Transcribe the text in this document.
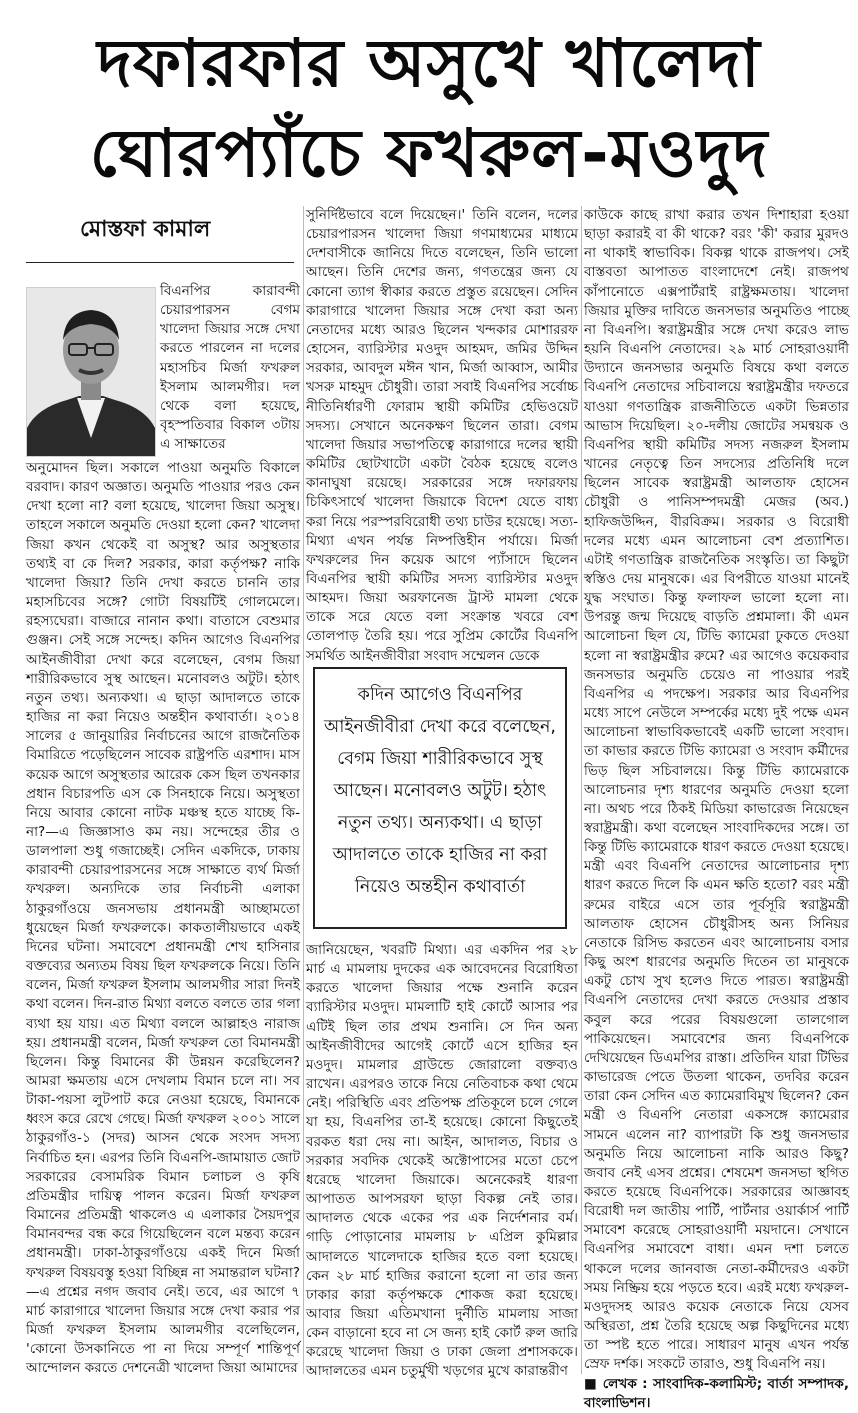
দফারফার অসুখে খালেদা
ঘোরপ্যাঁচে ফখরুল-মওদুদ
মোস্তফা কামাল

বিএনপির কারাবন্দী চেয়ারপারসন বেগম খালেদা জিয়ার সঙ্গে দেখা করতে পারলেন না দলের মহাসচিব মির্জা ফখরুল ইসলাম আলমগীর। দল থেকে বলা হয়েছে, বৃহস্পতিবার বিকাল ৩টায় এ সাক্ষাতের

অনুমোদন ছিল। সকালে পাওয়া অনুমতি বিকালে বরবাদ। কারণ অজ্ঞাত। অনুমতি পাওয়ার পরও কেন দেখা হলো না? বলা হয়েছে, খালেদা জিয়া অসুস্থ। তাহলে সকালে অনুমতি দেওয়া হলো কেন? খালেদা জিয়া কখন থেকেই বা অসুস্থ? আর অসুস্থতার তথ্যই বা কে দিল? সরকার, কারা কর্তৃপক্ষ? নাকি খালেদা জিয়া? তিনি দেখা করতে চাননি তার মহাসচিবের সঙ্গে? গোটা বিষয়টিই গোলমেলে। রহস্যঘেরা। বাজারে নানান কথা। বাতাসে বেশুমার গুঞ্জন। সেই সঙ্গে সন্দেহ। কদিন আগেও বিএনপির আইনজীবীরা দেখা করে বলেছেন, বেগম জিয়া শারীরিকভাবে সুস্থ আছেন। মনোবলও অটুট। হঠাৎ নতুন তথ্য। অন্যকথা। এ ছাড়া আদালতে তাকে হাজির না করা নিয়েও অন্তহীন কথাবার্তা। ২০১৪ সালের ৫ জানুয়ারির নির্বাচনের আগে রাজনৈতিক বিমারিতে পড়েছিলেন সাবেক রাষ্ট্রপতি এরশাদ। মাস কয়েক আগে অসুস্থতার আরেক কেস ছিল তখনকার প্রধান বিচারপতি এস কে সিনহাকে নিয়ে। অসুস্থতা নিয়ে আবার কোনো নাটক মঞ্চস্থ হতে যাচ্ছে কি-না?—এ জিজ্ঞাসাও কম নয়। সন্দেহের তীর ও ডালপালা শুধু গজাচ্ছেই। সেদিন একদিকে, ঢাকায় কারাবন্দী চেয়ারপারসনের সঙ্গে সাক্ষাতে ব্যর্থ মির্জা ফখরুল। অন্যদিকে তার নির্বাচনী এলাকা ঠাকুরগাঁওয়ে জনসভায় প্রধানমন্ত্রী আচ্ছামতো ধুয়েছেন মির্জা ফখরুলকে। কাকতালীয়ভাবে একই দিনের ঘটনা। সমাবেশে প্রধানমন্ত্রী শেখ হাসিনার বক্তব্যের অন্যতম বিষয় ছিল ফখরুলকে নিয়ে। তিনি বলেন, মির্জা ফখরুল ইসলাম আলমগীর সারা দিনই কথা বলেন। দিন-রাত মিথ্যা বলতে বলতে তার গলা ব্যথা হয় যায়। এত মিথ্যা বললে আল্লাহও নারাজ হয়। প্রধানমন্ত্রী বলেন, মির্জা ফখরুল তো বিমানমন্ত্রী ছিলেন। কিন্তু বিমানের কী উন্নয়ন করেছিলেন? আমরা ক্ষমতায় এসে দেখলাম বিমান চলে না। সব টাকা-পয়সা লুটপাট করে নেওয়া হয়েছে, বিমানকে ধ্বংস করে রেখে গেছে। মির্জা ফখরুল ২০০১ সালে ঠাকুরগাঁও-১ (সদর) আসন থেকে সংসদ সদস্য নির্বাচিত হন। এরপর তিনি বিএনপি-জামায়াত জোট সরকারের বেসামরিক বিমান চলাচল ও কৃষি প্রতিমন্ত্রীর দায়িত্ব পালন করেন। মির্জা ফখরুল বিমানের প্রতিমন্ত্রী থাকলেও এ এলাকার সৈয়দপুর বিমানবন্দর বন্ধ করে গিয়েছিলেন বলে মন্তব্য করেন প্রধানমন্ত্রী। ঢাকা-ঠাকুরগাঁওয়ে একই দিনে মির্জা ফখরুল বিষয়বস্তু হওয়া বিচ্ছিন্ন না সমান্তরাল ঘটনা?—এ প্রশ্নের নগদ জবাব নেই। তবে, এর আগে ৭ মার্চ কারাগারে খালেদা জিয়ার সঙ্গে দেখা করার পর মির্জা ফখরুল ইসলাম আলমগীর বলেছিলেন, 'কোনো উসকানিতে পা না দিয়ে সম্পূর্ণ শান্তিপূর্ণ আন্দোলন করতে দেশনেত্রী খালেদা জিয়া আমাদের

সুনির্দিষ্টভাবে বলে দিয়েছেন।' তিনি বলেন, দলের চেয়ারপারসন খালেদা জিয়া গণমাধ্যমের মাধ্যমে দেশবাসীকে জানিয়ে দিতে বলেছেন, তিনি ভালো আছেন। তিনি দেশের জন্য, গণতন্ত্রের জন্য যে কোনো ত্যাগ স্বীকার করতে প্রস্তুত রয়েছেন। সেদিন কারাগারে খালেদা জিয়ার সঙ্গে দেখা করা অন্য নেতাদের মধ্যে আরও ছিলেন খন্দকার মোশাররফ হোসেন, ব্যারিস্টার মওদুদ আহমদ, জমির উদ্দিন সরকার, আবদুল মঈন খান, মির্জা আব্বাস, আমীর খসরু মাহমুদ চৌধুরী। তারা সবাই বিএনপির সর্বোচ্চ নীতিনির্ধারণী ফোরাম স্থায়ী কমিটির হেভিওয়েট সদস্য। সেখানে অনেকক্ষণ ছিলেন তারা। বেগম খালেদা জিয়ার সভাপতিত্বে কারাগারে দলের স্থায়ী কমিটির ছোটখাটো একটা বৈঠক হয়েছে বলেও কানাঘুষা রয়েছে। সরকারের সঙ্গে দফারফায় চিকিৎসার্থে খালেদা জিয়াকে বিদেশ যেতে বাধ্য করা নিয়ে পরস্পরবিরোধী তথ্য চাউর হয়েছে। সত্য-মিথ্যা এখন পর্যন্ত নিষ্পত্তিহীন পর্যায়ে। মির্জা ফখরুলের দিন কয়েক আগে প্যাঁসাদে ছিলেন বিএনপির স্থায়ী কমিটির সদস্য ব্যারিস্টার মওদুদ আহমদ। জিয়া অরফানেজ ট্রাস্ট মামলা থেকে তাকে সরে যেতে বলা সংক্রান্ত খবরে বেশ তোলপাড় তৈরি হয়। পরে সুপ্রিম কোর্টের বিএনপি সমর্থিত আইনজীবীরা সংবাদ সম্মেলন ডেকে

কদিন আগেও বিএনপির আইনজীবীরা দেখা করে বলেছেন, বেগম জিয়া শারীরিকভাবে সুস্থ আছেন। মনোবলও অটুট। হঠাৎ নতুন তথ্য। অন্যকথা। এ ছাড়া আদালতে তাকে হাজির না করা নিয়েও অন্তহীন কথাবার্তা

জানিয়েছেন, খবরটি মিথ্যা। এর একদিন পর ২৮ মার্চ এ মামলায় দুদকের এক আবেদনের বিরোধিতা করতে খালেদা জিয়ার পক্ষে শুনানি করেন ব্যারিস্টার মওদুদ। মামলাটি হাই কোর্টে আসার পর এটিই ছিল তার প্রথম শুনানি। সে দিন অন্য আইনজীবীদের আগেই কোর্টে এসে হাজির হন মওদুদ। মামলার গ্রাউন্ডে জোরালো বক্তব্যও রাখেন। এরপরও তাকে নিয়ে নেতিবাচক কথা থেমে নেই। পরিস্থিতি এবং প্রতিপক্ষ প্রতিকূলে চলে গেলে যা হয়, বিএনপির তা-ই হয়েছে। কোনো কিছুতেই বরকত ধরা দেয় না। আইন, আদালত, বিচার ও সরকার সবদিক থেকেই অক্টোপাসের মতো চেপে ধরেছে খালেদা জিয়াকে। অনেকেরই ধারণা আপাতত আপসরফা ছাড়া বিকল্প নেই তার। আদালত থেকে একের পর এক নির্দেশনার বর্ম। গাড়ি পোড়ানোর মামলায় ৮ এপ্রিল কুমিল্লার আদালতে খালেদাকে হাজির হতে বলা হয়েছে। কেন ২৮ মার্চ হাজির করানো হলো না তার জন্য ঢাকার কারা কর্তৃপক্ষকে শোকজ করা হয়েছে। আবার জিয়া এতিমখানা দুর্নীতি মামলায় সাজা কেন বাড়ানো হবে না সে জন্য হাই কোর্ট রুল জারি করেছে খালেদা জিয়া ও ঢাকা জেলা প্রশাসককে। আদালতের এমন চতুর্মুখী খড়গের মুখে কারান্তরীণ

কাউকে কাছে রাখা করার তখন দিশাহারা হওয়া ছাড়া করারই বা কী থাকে? বরং 'কী' করার মুরদও না থাকাই স্বাভাবিক। বিকল্প থাকে রাজপথ। সেই বাস্তবতা আপাতত বাংলাদেশে নেই। রাজপথ কাঁপানোতে এক্সপার্টরাই রাষ্ট্রক্ষমতায়। খালেদা জিয়ার মুক্তির দাবিতে জনসভার অনুমতিও পাচ্ছে না বিএনপি। স্বরাষ্ট্রমন্ত্রীর সঙ্গে দেখা করেও লাভ হয়নি বিএনপি নেতাদের। ২৯ মার্চ সোহরাওয়ার্দী উদ্যানে জনসভার অনুমতি বিষয়ে কথা বলতে বিএনপি নেতাদের সচিবালয়ে স্বরাষ্ট্রমন্ত্রীর দফতরে যাওয়া গণতান্ত্রিক রাজনীতিতে একটা ভিন্নতার আভাস দিয়েছিল। ২০-দলীয় জোটের সমন্বয়ক ও বিএনপির স্থায়ী কমিটির সদস্য নজরুল ইসলাম খানের নেতৃত্বে তিন সদস্যের প্রতিনিধি দলে ছিলেন সাবেক স্বরাষ্ট্রমন্ত্রী আলতাফ হোসেন চৌধুরী ও পানিসম্পদমন্ত্রী মেজর (অব.) হাফিজউদ্দিন, বীরবিক্রম। সরকার ও বিরোধী দলের মধ্যে এমন আলোচনা বেশ প্রত্যাশিত। এটাই গণতান্ত্রিক রাজনৈতিক সংস্কৃতি। তা কিছুটা স্বস্তিও দেয় মানুষকে। এর বিপরীতে যাওয়া মানেই যুদ্ধ সংঘাত। কিন্তু ফলাফল ভালো হলো না। উপরন্তু জন্ম দিয়েছে বাড়তি প্রশ্নমালা। কী এমন আলোচনা ছিল যে, টিভি ক্যামেরা ঢুকতে দেওয়া হলো না স্বরাষ্ট্রমন্ত্রীর রুমে? এর আগেও কয়েকবার জনসভার অনুমতি চেয়েও না পাওয়ার পরই বিএনপির এ পদক্ষেপ। সরকার আর বিএনপির মধ্যে সাপে নেউলে সম্পর্কের মধ্যে দুই পক্ষে এমন আলোচনা স্বাভাবিকভাবেই একটি ভালো সংবাদ। তা কাভার করতে টিভি ক্যামেরা ও সংবাদ কর্মীদের ভিড় ছিল সচিবালয়ে। কিন্তু টিভি ক্যামেরাকে আলোচনার দৃশ্য ধারণের অনুমতি দেওয়া হলো না। অথচ পরে ঠিকই মিডিয়া কাভারেজ নিয়েছেন স্বরাষ্ট্রমন্ত্রী। কথা বলেছেন সাংবাদিকদের সঙ্গে। তা কিন্তু টিভি ক্যামেরাকে ধারণ করতে দেওয়া হয়েছে। মন্ত্রী এবং বিএনপি নেতাদের আলোচনার দৃশ্য ধারণ করতে দিলে কি এমন ক্ষতি হতো? বরং মন্ত্রী রুমের বাইরে এসে তার পূর্বসূরি স্বরাষ্ট্রমন্ত্রী আলতাফ হোসেন চৌধুরীসহ অন্য সিনিয়র নেতাকে রিসিভ করতেন এবং আলোচনায় বসার কিছু অংশ ধারণের অনুমতি দিতেন তা মানুষকে একটু চোখ সুখ হলেও দিতে পারত। স্বরাষ্ট্রমন্ত্রী বিএনপি নেতাদের দেখা করতে দেওয়ার প্রস্তাব কবুল করে পরের বিষয়গুলো তালগোল পাকিয়েছেন। সমাবেশের জন্য বিএনপিকে দেখিয়েছেন ডিএমপির রাস্তা। প্রতিদিন যারা টিভির কাভারেজ পেতে উতলা থাকেন, তদবির করেন তারা কেন সেদিন এত ক্যামেরাবিমুখ ছিলেন? কেন মন্ত্রী ও বিএনপি নেতারা একসঙ্গে ক্যামেরার সামনে এলেন না? ব্যাপারটা কি শুধু জনসভার অনুমতি নিয়ে আলোচনা নাকি আরও কিছু? জবাব নেই এসব প্রশ্নের। শেষমেশ জনসভা স্থগিত করতে হয়েছে বিএনপিকে। সরকারের আজ্ঞাবহ বিরোধী দল জাতীয় পার্টি, পার্টনার ওয়ার্কার্স পার্টি সমাবেশ করেছে সোহরাওয়ার্দী ময়দানে। সেখানে বিএনপির সমাবেশে বাধা। এমন দশা চলতে থাকলে দলের জানবাজ নেতা-কর্মীদেরও একটা সময় নিষ্ক্রিয় হয়ে পড়তে হবে। এরই মধ্যে ফখরুল-মওদুদসহ আরও কয়েক নেতাকে নিয়ে যেসব অস্থিরতা, প্রশ্ন তৈরি হয়েছে অল্প কিছুদিনের মধ্যে তা স্পষ্ট হতে পারে। সাধারণ মানুষ এখন পর্যন্ত স্রেফ দর্শক। সংকটে তারাও, শুধু বিএনপি নয়।

■ লেখক : সাংবাদিক-কলামিস্ট; বার্তা সম্পাদক, বাংলাভিশন।
